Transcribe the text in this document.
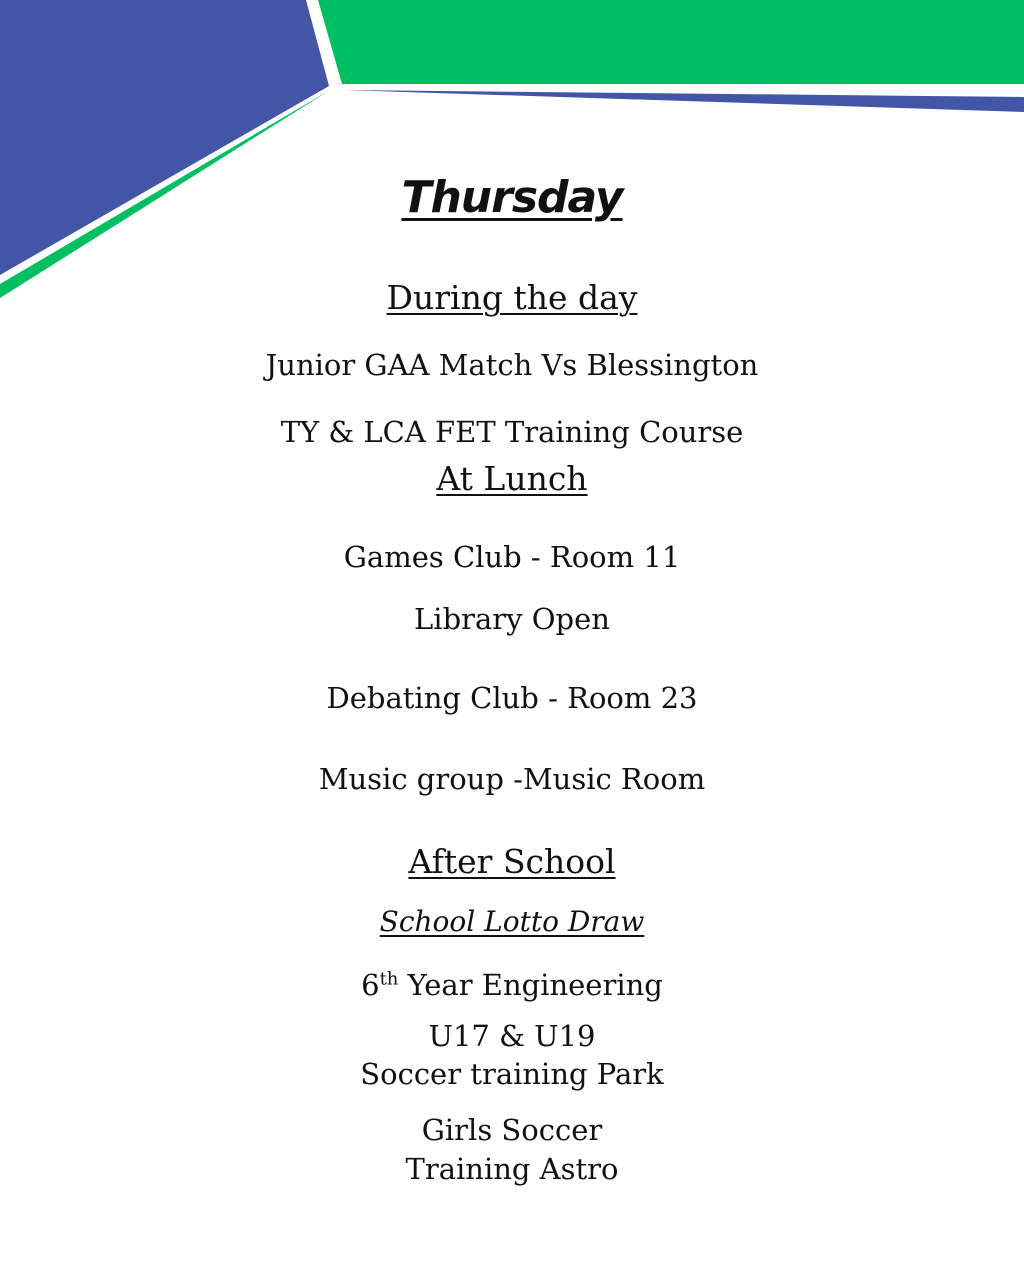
Thursday
During the day
Junior GAA Match Vs Blessington
TY & LCA FET Training Course
At Lunch
Games Club - Room 11
Library Open
Debating Club - Room 23
Music group -Music Room
After School
School Lotto Draw
6th Year Engineering
U17 & U19
Soccer training Park
Girls Soccer
Training Astro
